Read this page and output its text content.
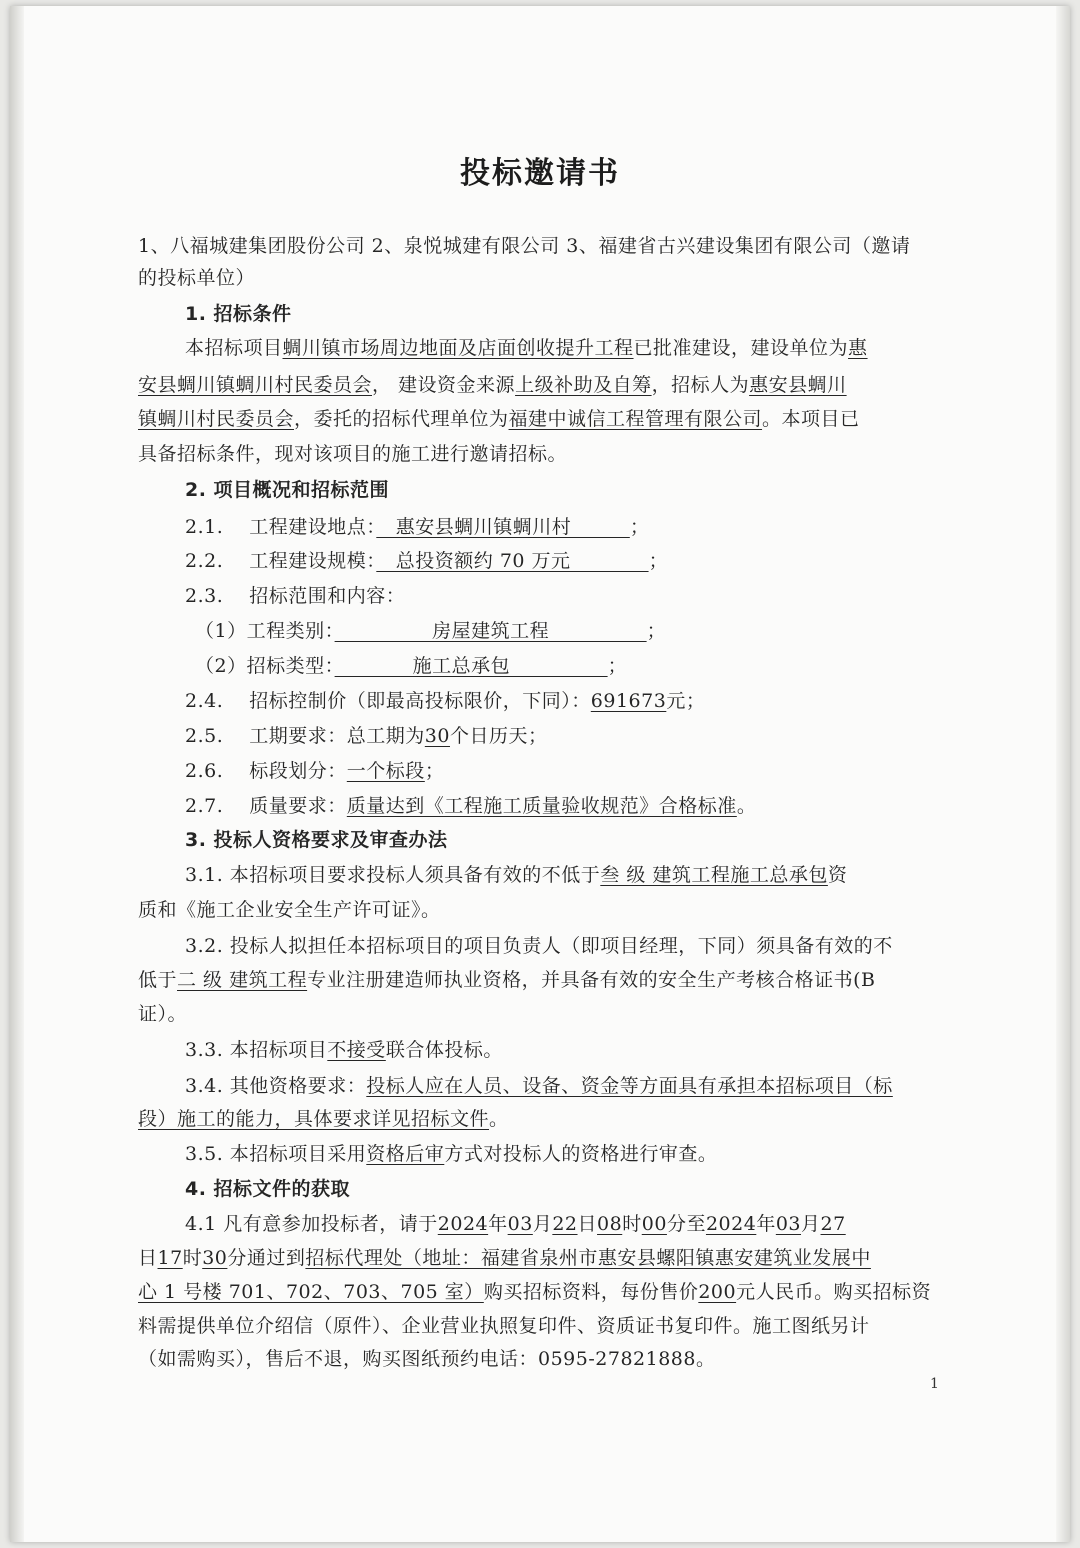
投标邀请书
1、八福城建集团股份公司 2、泉悦城建有限公司 3、福建省古兴建设集团有限公司（邀请
的投标单位）
1. 招标条件
本招标项目蜩川镇市场周边地面及店面创收提升工程已批准建设，建设单位为惠
安县蜩川镇蜩川村民委员会， 建设资金来源上级补助及自筹，招标人为惠安县蜩川
镇蜩川村民委员会，委托的招标代理单位为福建中诚信工程管理有限公司。本项目已
具备招标条件，现对该项目的施工进行邀请招标。
2. 项目概况和招标范围
2.1.　 工程建设地点：　惠安县蜩川镇蜩川村　　　；
2.2.　 工程建设规模：　总投资额约 70 万元　　　　；
2.3.　 招标范围和内容：
（1）工程类别：　　　　　房屋建筑工程　　　　　；
（2）招标类型：　　　　施工总承包　　　　　；
2.4.　 招标控制价（即最高投标限价，下同）：691673元；
2.5.　 工期要求：总工期为30个日历天；
2.6.　 标段划分：一个标段；
2.7.　 质量要求：质量达到《工程施工质量验收规范》合格标准。
3. 投标人资格要求及审查办法
3.1. 本招标项目要求投标人须具备有效的不低于叁 级 建筑工程施工总承包资
质和《施工企业安全生产许可证》。
3.2. 投标人拟担任本招标项目的项目负责人（即项目经理，下同）须具备有效的不
低于二 级 建筑工程专业注册建造师执业资格，并具备有效的安全生产考核合格证书(B
证）。
3.3. 本招标项目不接受联合体投标。
3.4. 其他资格要求：投标人应在人员、设备、资金等方面具有承担本招标项目（标
段）施工的能力，具体要求详见招标文件。
3.5. 本招标项目采用资格后审方式对投标人的资格进行审查。
4. 招标文件的获取
4.1 凡有意参加投标者，请于2024年03月22日08时00分至2024年03月27
日17时30分通过到招标代理处（地址：福建省泉州市惠安县螺阳镇惠安建筑业发展中
心 1 号楼 701、702、703、705 室）购买招标资料，每份售价200元人民币。购买招标资
料需提供单位介绍信（原件）、企业营业执照复印件、资质证书复印件。施工图纸另计
（如需购买），售后不退，购买图纸预约电话：0595-27821888。
1
